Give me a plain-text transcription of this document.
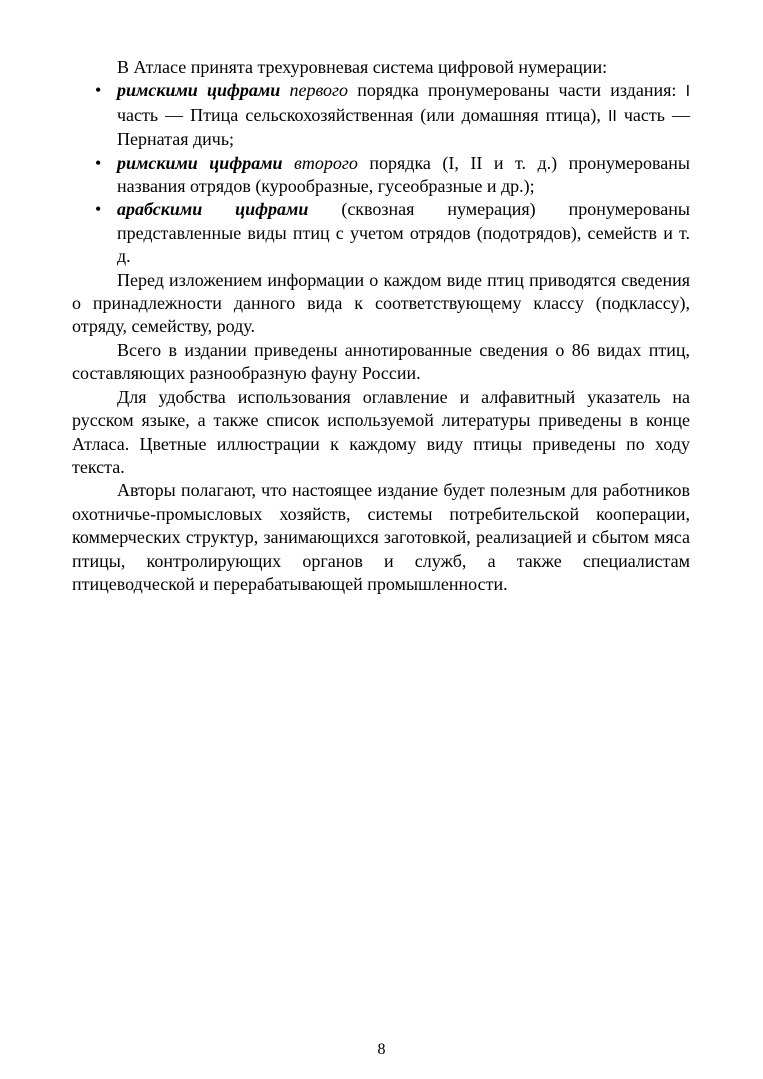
В Атласе принята трехуровневая система цифровой нумерации:

• римскими цифрами первого порядка пронумерованы части издания: I часть — Птица сельскохозяйственная (или домашняя птица), II часть — Пернатая дичь;
• римскими цифрами второго порядка (I, II и т. д.) пронумерованы названия отрядов (курообразные, гусеобразные и др.);
• арабскими цифрами (сквозная нумерация) пронумерованы представленные виды птиц с учетом отрядов (подотрядов), семейств и т. д.

Перед изложением информации о каждом виде птиц приводятся сведения о принадлежности данного вида к соответствующему классу (подклассу), отряду, семейству, роду.

Всего в издании приведены аннотированные сведения о 86 видах птиц, составляющих разнообразную фауну России.

Для удобства использования оглавление и алфавитный указатель на русском языке, а также список используемой литературы приведены в конце Атласа. Цветные иллюстрации к каждому виду птицы приведены по ходу текста.

Авторы полагают, что настоящее издание будет полезным для работников охотничье-промысловых хозяйств, системы потребительской кооперации, коммерческих структур, занимающихся заготовкой, реализацией и сбытом мяса птицы, контролирующих органов и служб, а также специалистам птицеводческой и перерабатывающей промышленности.

8
